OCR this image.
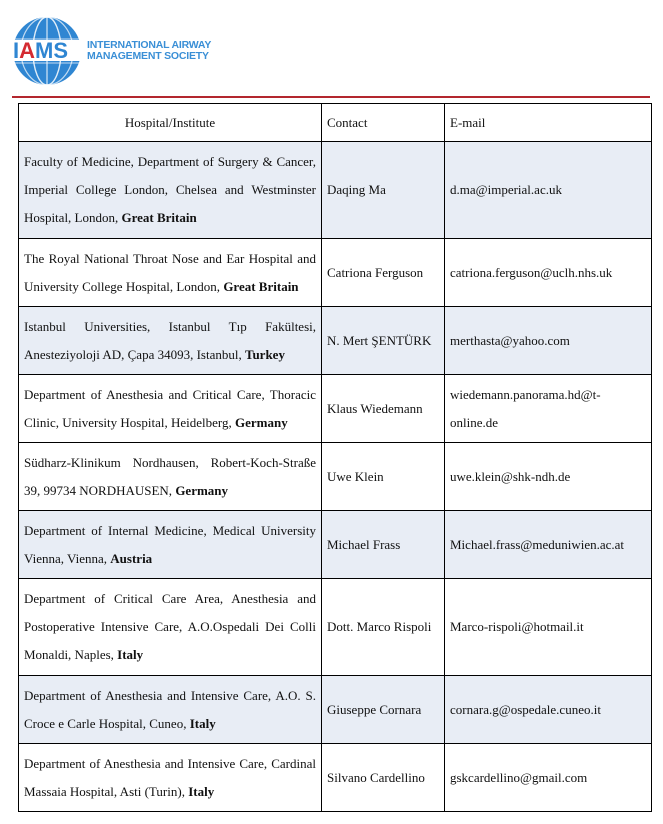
IAMS INTERNATIONAL AIRWAY
MANAGEMENT SOCIETY
Hospital/Institute	Contact	E-mail
Faculty of Medicine, Department of Surgery & Cancer, Imperial College London, Chelsea and Westminster Hospital, London, Great Britain	Daqing Ma	d.ma@imperial.ac.uk
The Royal National Throat Nose and Ear Hospital and University College Hospital, London, Great Britain	Catriona Ferguson	catriona.ferguson@uclh.nhs.uk
Istanbul Universities, Istanbul Tıp Fakültesi, Anesteziyoloji AD, Çapa 34093, Istanbul, Turkey	N. Mert ŞENTÜRK	merthasta@yahoo.com
Department of Anesthesia and Critical Care, Thoracic Clinic, University Hospital, Heidelberg, Germany	Klaus Wiedemann	wiedemann.panorama.hd@t-online.de
Südharz-Klinikum Nordhausen, Robert-Koch-Straße 39, 99734 NORDHAUSEN, Germany	Uwe Klein	uwe.klein@shk-ndh.de
Department of Internal Medicine, Medical University Vienna, Vienna, Austria	Michael Frass	Michael.frass@meduniwien.ac.at
Department of Critical Care Area, Anesthesia and Postoperative Intensive Care, A.O.Ospedali Dei Colli Monaldi, Naples, Italy	Dott. Marco Rispoli	Marco-rispoli@hotmail.it
Department of Anesthesia and Intensive Care, A.O. S. Croce e Carle Hospital, Cuneo, Italy	Giuseppe Cornara	cornara.g@ospedale.cuneo.it
Department of Anesthesia and Intensive Care, Cardinal Massaia Hospital, Asti (Turin), Italy	Silvano Cardellino	gskcardellino@gmail.com
